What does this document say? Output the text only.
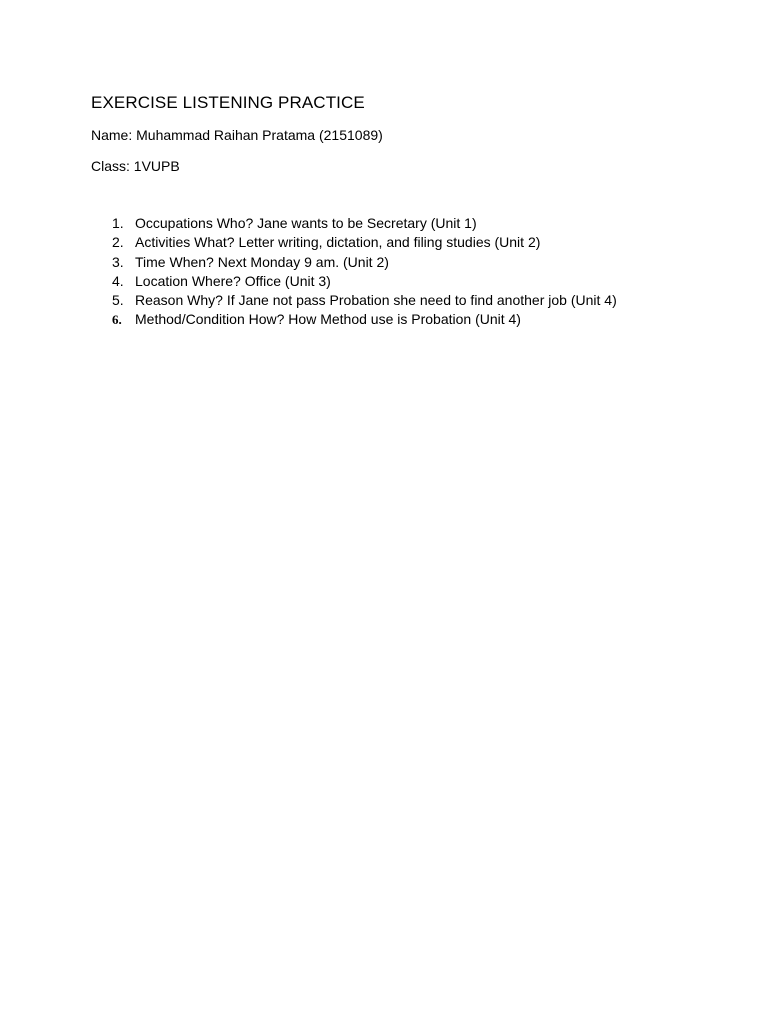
EXERCISE LISTENING PRACTICE
Name: Muhammad Raihan Pratama (2151089)
Class: 1VUPB
1. Occupations Who? Jane wants to be Secretary (Unit 1)
2. Activities What? Letter writing, dictation, and filing studies (Unit 2)
3. Time When? Next Monday 9 am. (Unit 2)
4. Location Where? Office (Unit 3)
5. Reason Why? If Jane not pass Probation she need to find another job (Unit 4)
6. Method/Condition How? How Method use is Probation (Unit 4)
